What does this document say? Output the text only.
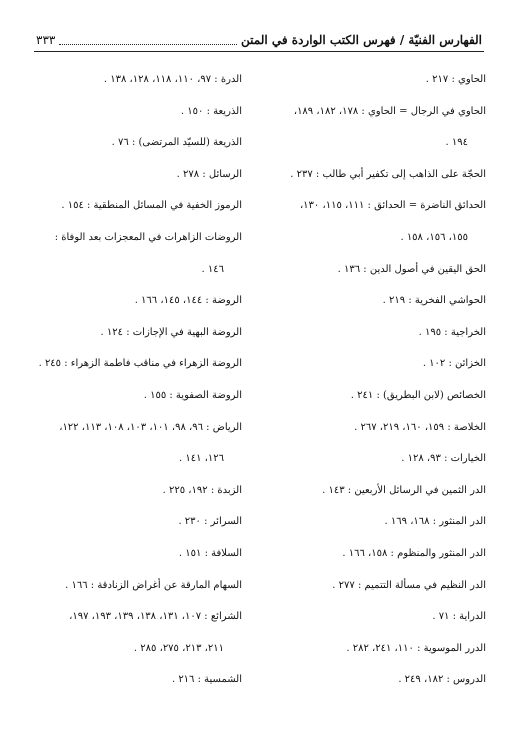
الفهارس الفنيّة / فهرس الكتب الواردة في المتن
٣٣٣
الحاوي : ٢١٧ .
الحاوي في الرجال = الحاوي : ١٧٨، ١٨٢، ١٨٩،
١٩٤ .
الحجّة على الذاهب إلى تكفير أبي طالب : ٢٣٧ .
الحدائق الناضرة = الحدائق : ١١١، ١١٥، ١٣٠،
١٥٥، ١٥٦، ١٥٨ .
الحق اليقين في أصول الدين : ١٣٦ .
الحواشي الفخرية : ٢١٩ .
الخراجية : ١٩٥ .
الخزائن : ١٠٢ .
الخصائص (لابن البطريق) : ٢٤١ .
الخلاصة : ١٥٩، ١٦٠، ٢١٩، ٢٦٧ .
الخيارات : ٩٣، ١٢٨ .
الدر الثمين في الرسائل الأربعين : ١٤٣ .
الدر المنثور : ١٦٨، ١٦٩ .
الدر المنثور والمنظوم : ١٥٨، ١٦٦ .
الدر النظيم في مسألة التتميم : ٢٧٧ .
الدراية : ٧١ .
الدرر الموسوية : ١١٠، ٢٤١، ٢٨٢ .
الدروس : ١٨٢، ٢٤٩ .
الدرة : ٩٧، ١١٠، ١١٨، ١٢٨، ١٣٨ .
الذريعة : ١٥٠ .
الذريعة (للسيّد المرتضى) : ٧٦ .
الرسائل : ٢٧٨ .
الرموز الخفية في المسائل المنطقية : ١٥٤ .
الروضات الزاهرات في المعجزات بعد الوفاة :
١٤٦ .
الروضة : ١٤٤، ١٤٥، ١٦٦ .
الروضة البهية في الإجازات : ١٢٤ .
الروضة الزهراء في مناقب فاطمة الزهراء : ٢٤٥ .
الروضة الصفوية : ١٥٥ .
الرياض : ٩٦، ٩٨، ١٠١، ١٠٣، ١٠٨، ١١٣، ١٢٢،
١٢٦، ١٤١ .
الزبدة : ١٩٢، ٢٢٥ .
السرائر : ٢٣٠ .
السلافة : ١٥١ .
السهام المارقة عن أغراض الزنادقة : ١٦٦ .
الشرائع : ١٠٧، ١٣١، ١٣٨، ١٣٩، ١٩٣، ١٩٧،
٢١١، ٢١٣، ٢٧٥، ٢٨٥ .
الشمسية : ٢١٦ .
